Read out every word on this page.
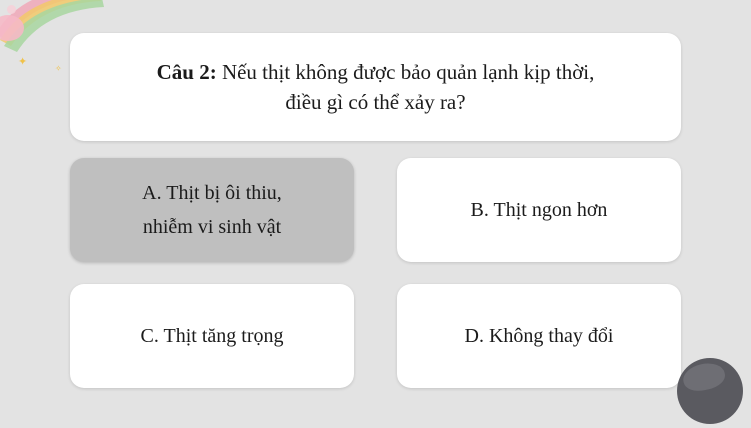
✦
✧	Câu 2: Nếu thịt không được bảo quản lạnh kịp thời,
điều gì có thể xảy ra?
A. Thịt bị ôi thiu,
nhiễm vi sinh vật
B. Thịt ngon hơn
C. Thịt tăng trọng	D. Không thay đổi
